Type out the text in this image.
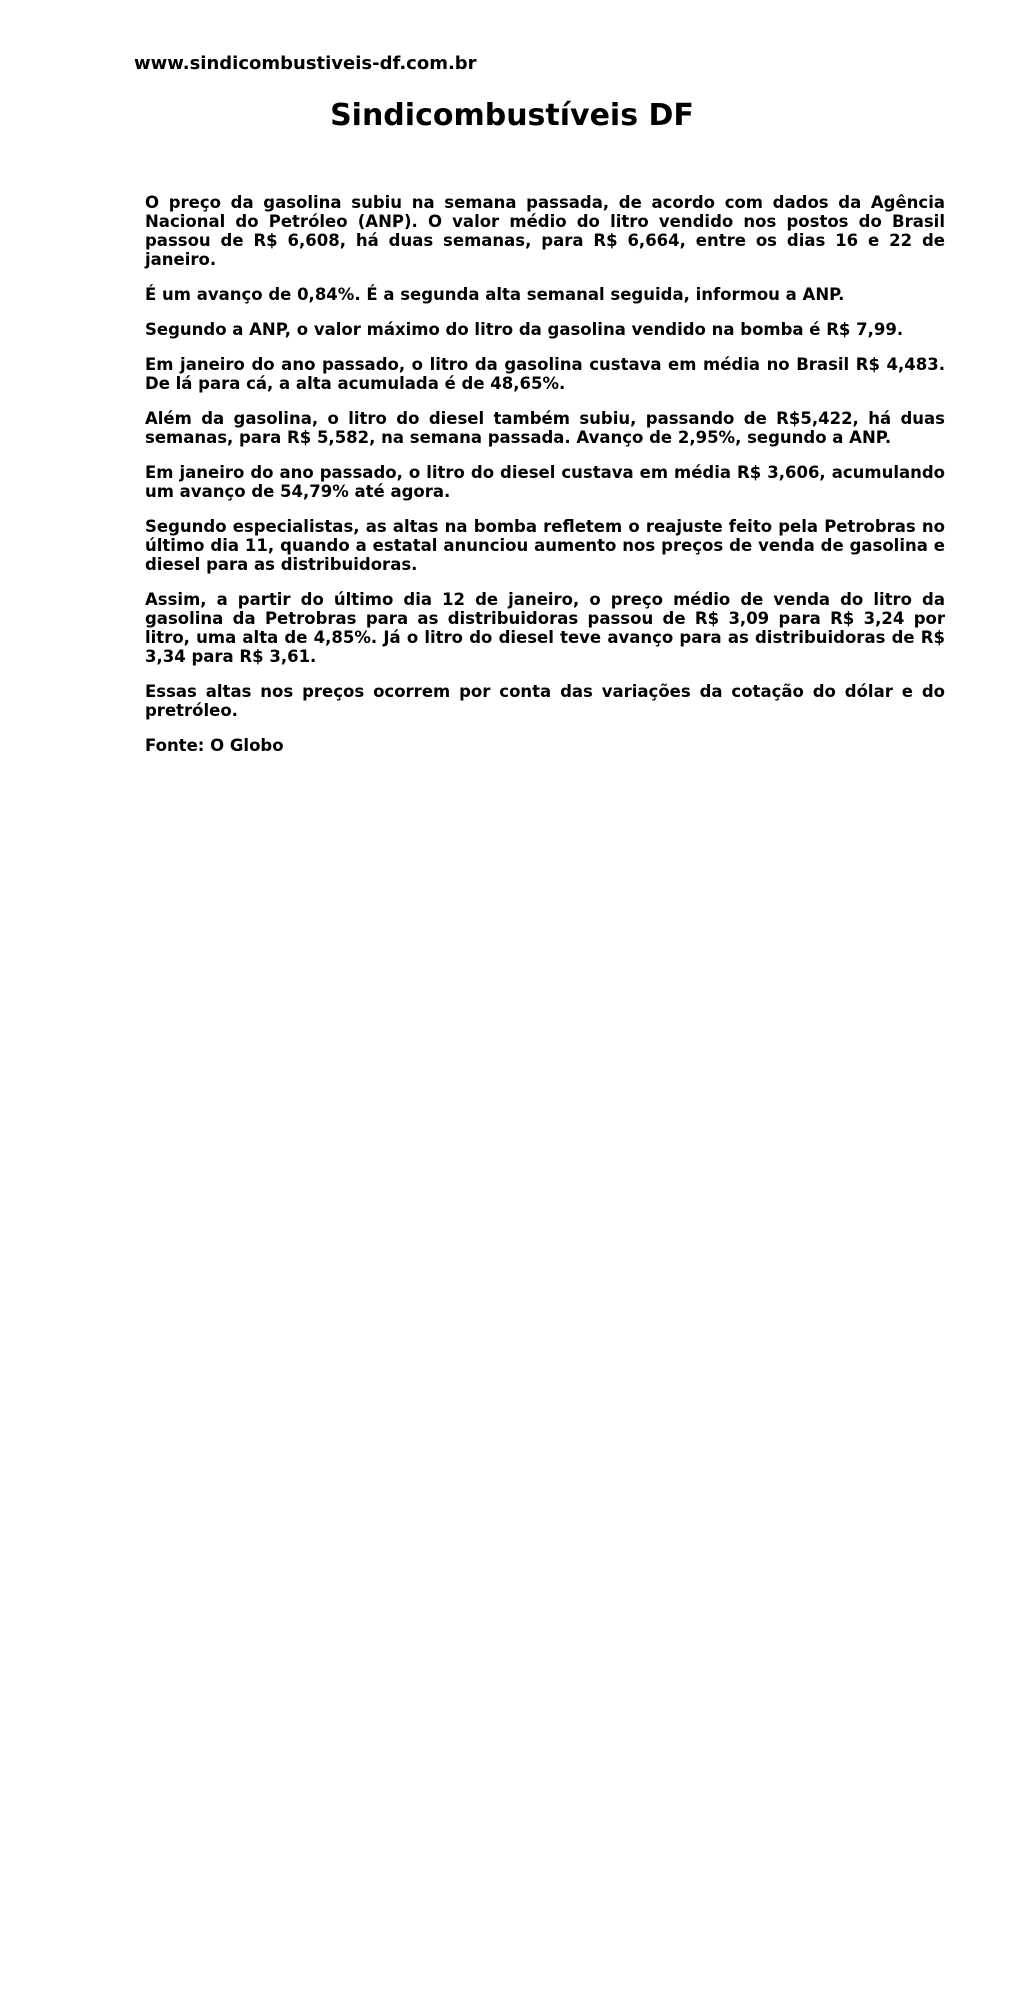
www.sindicombustiveis-df.com.br
Sindicombustíveis DF

O preço da gasolina subiu na semana passada, de acordo com dados da Agência Nacional do Petróleo (ANP). O valor médio do litro vendido nos postos do Brasil passou de R$ 6,608, há duas semanas, para R$ 6,664, entre os dias 16 e 22 de janeiro.

É um avanço de 0,84%. É a segunda alta semanal seguida, informou a ANP.

Segundo a ANP, o valor máximo do litro da gasolina vendido na bomba é R$ 7,99.

Em janeiro do ano passado, o litro da gasolina custava em média no Brasil R$ 4,483. De lá para cá, a alta acumulada é de 48,65%.

Além da gasolina, o litro do diesel também subiu, passando de R$5,422, há duas semanas, para R$ 5,582, na semana passada. Avanço de 2,95%, segundo a ANP.

Em janeiro do ano passado, o litro do diesel custava em média R$ 3,606, acumulando um avanço de 54,79% até agora.

Segundo especialistas, as altas na bomba refletem o reajuste feito pela Petrobras no último dia 11, quando a estatal anunciou aumento nos preços de venda de gasolina e diesel para as distribuidoras.

Assim, a partir do último dia 12 de janeiro, o preço médio de venda do litro da gasolina da Petrobras para as distribuidoras passou de R$ 3,09 para R$ 3,24 por litro, uma alta de 4,85%. Já o litro do diesel teve avanço para as distribuidoras de R$ 3,34 para R$ 3,61.

Essas altas nos preços ocorrem por conta das variações da cotação do dólar e do pretróleo.

Fonte: O Globo
